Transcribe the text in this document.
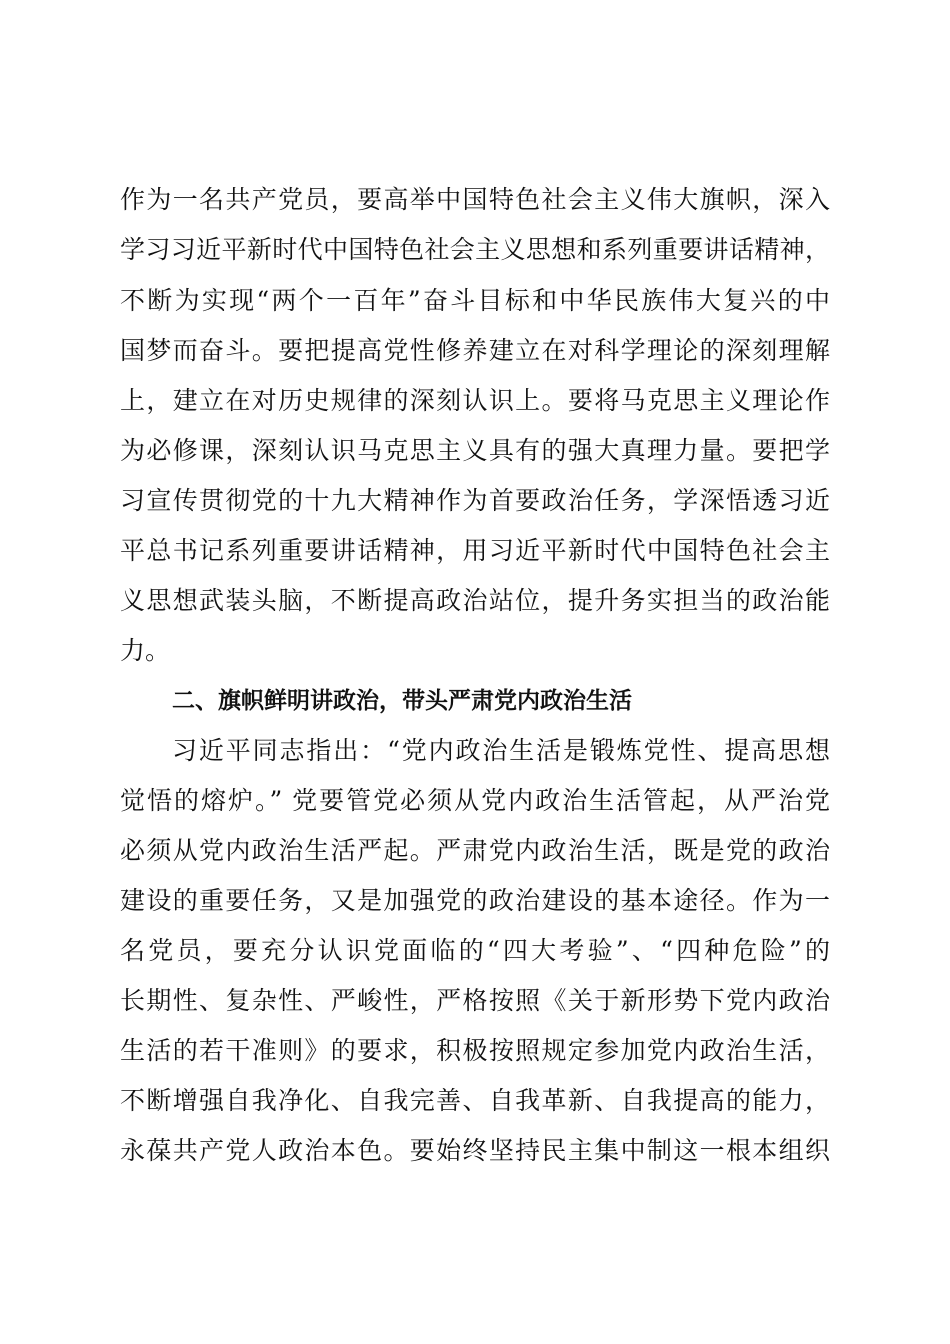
作为一名共产党员，要高举中国特色社会主义伟大旗帜，深入
学习习近平新时代中国特色社会主义思想和系列重要讲话精神，
不断为实现“两个一百年”奋斗目标和中华民族伟大复兴的中
国梦而奋斗。要把提高党性修养建立在对科学理论的深刻理解
上，建立在对历史规律的深刻认识上。要将马克思主义理论作
为必修课，深刻认识马克思主义具有的强大真理力量。要把学
习宣传贯彻党的十九大精神作为首要政治任务，学深悟透习近
平总书记系列重要讲话精神，用习近平新时代中国特色社会主
义思想武装头脑，不断提高政治站位，提升务实担当的政治能
力。
二、旗帜鲜明讲政治，带头严肃党内政治生活
习近平同志指出：“党内政治生活是锻炼党性、提高思想
觉悟的熔炉。” 党要管党必须从党内政治生活管起，从严治党
必须从党内政治生活严起。严肃党内政治生活，既是党的政治
建设的重要任务，又是加强党的政治建设的基本途径。作为一
名党员，要充分认识党面临的“四大考验”、“四种危险”的
长期性、复杂性、严峻性，严格按照《关于新形势下党内政治
生活的若干准则》的要求，积极按照规定参加党内政治生活，
不断增强自我净化、自我完善、自我革新、自我提高的能力，
永葆共产党人政治本色。要始终坚持民主集中制这一根本组织
